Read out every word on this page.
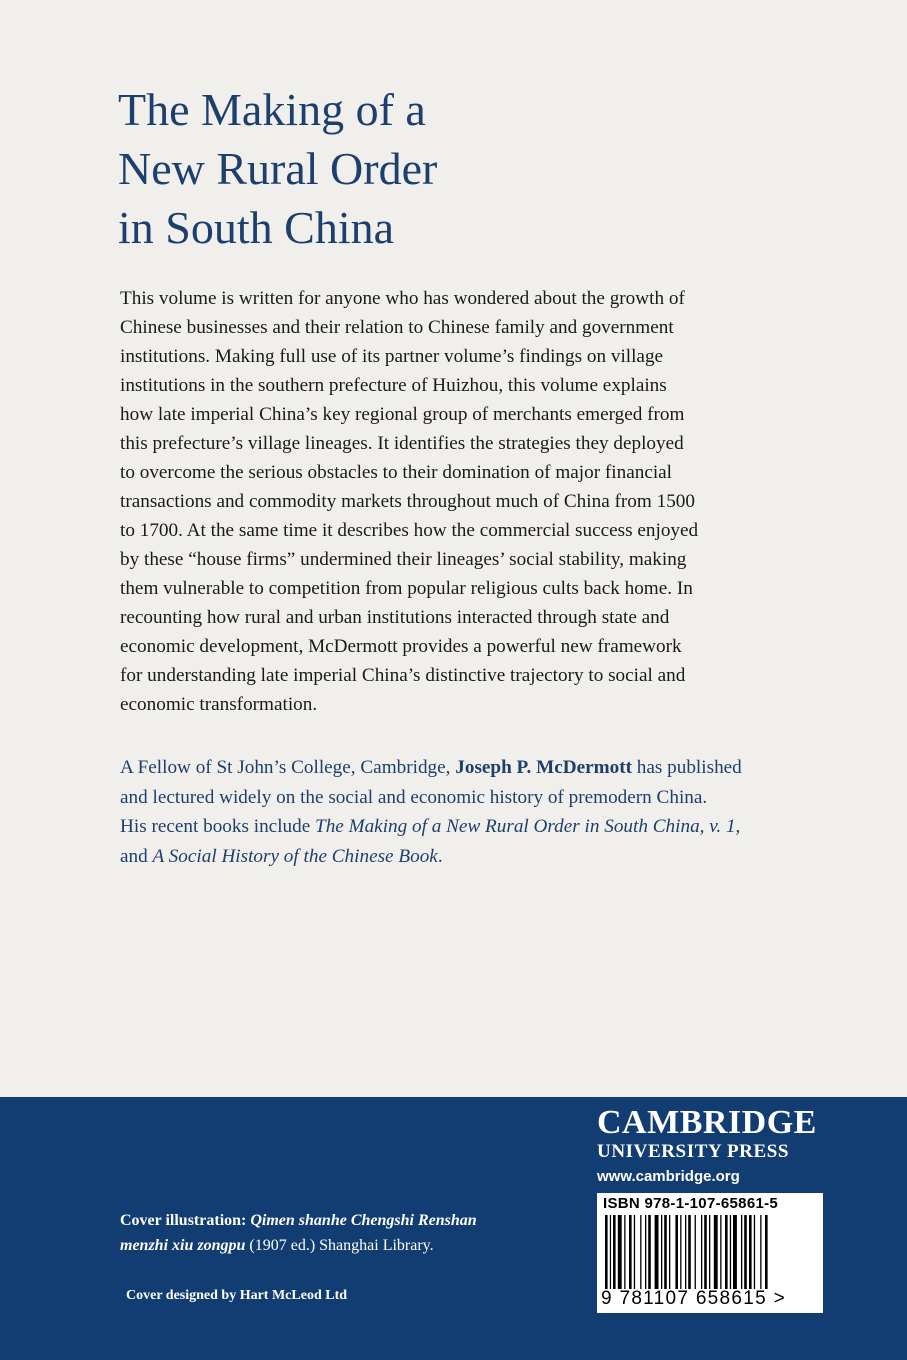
The Making of a
New Rural Order
in South China

This volume is written for anyone who has wondered about the growth of
Chinese businesses and their relation to Chinese family and government
institutions. Making full use of its partner volume’s findings on village
institutions in the southern prefecture of Huizhou, this volume explains
how late imperial China’s key regional group of merchants emerged from
this prefecture’s village lineages. It identifies the strategies they deployed
to overcome the serious obstacles to their domination of major financial
transactions and commodity markets throughout much of China from 1500
to 1700. At the same time it describes how the commercial success enjoyed
by these “house firms” undermined their lineages’ social stability, making
them vulnerable to competition from popular religious cults back home. In
recounting how rural and urban institutions interacted through state and
economic development, McDermott provides a powerful new framework
for understanding late imperial China’s distinctive trajectory to social and
economic transformation.

A Fellow of St John’s College, Cambridge, Joseph P. McDermott has published
and lectured widely on the social and economic history of premodern China.
His recent books include The Making of a New Rural Order in South China, v. 1,
and A Social History of the Chinese Book.

CAMBRIDGE
UNIVERSITY PRESS
www.cambridge.org
ISBN 978-1-107-65861-5
9 781107 658615 >

Cover illustration: Qimen shanhe Chengshi Renshan
menzhi xiu zongpu (1907 ed.) Shanghai Library.

Cover designed by Hart McLeod Ltd
